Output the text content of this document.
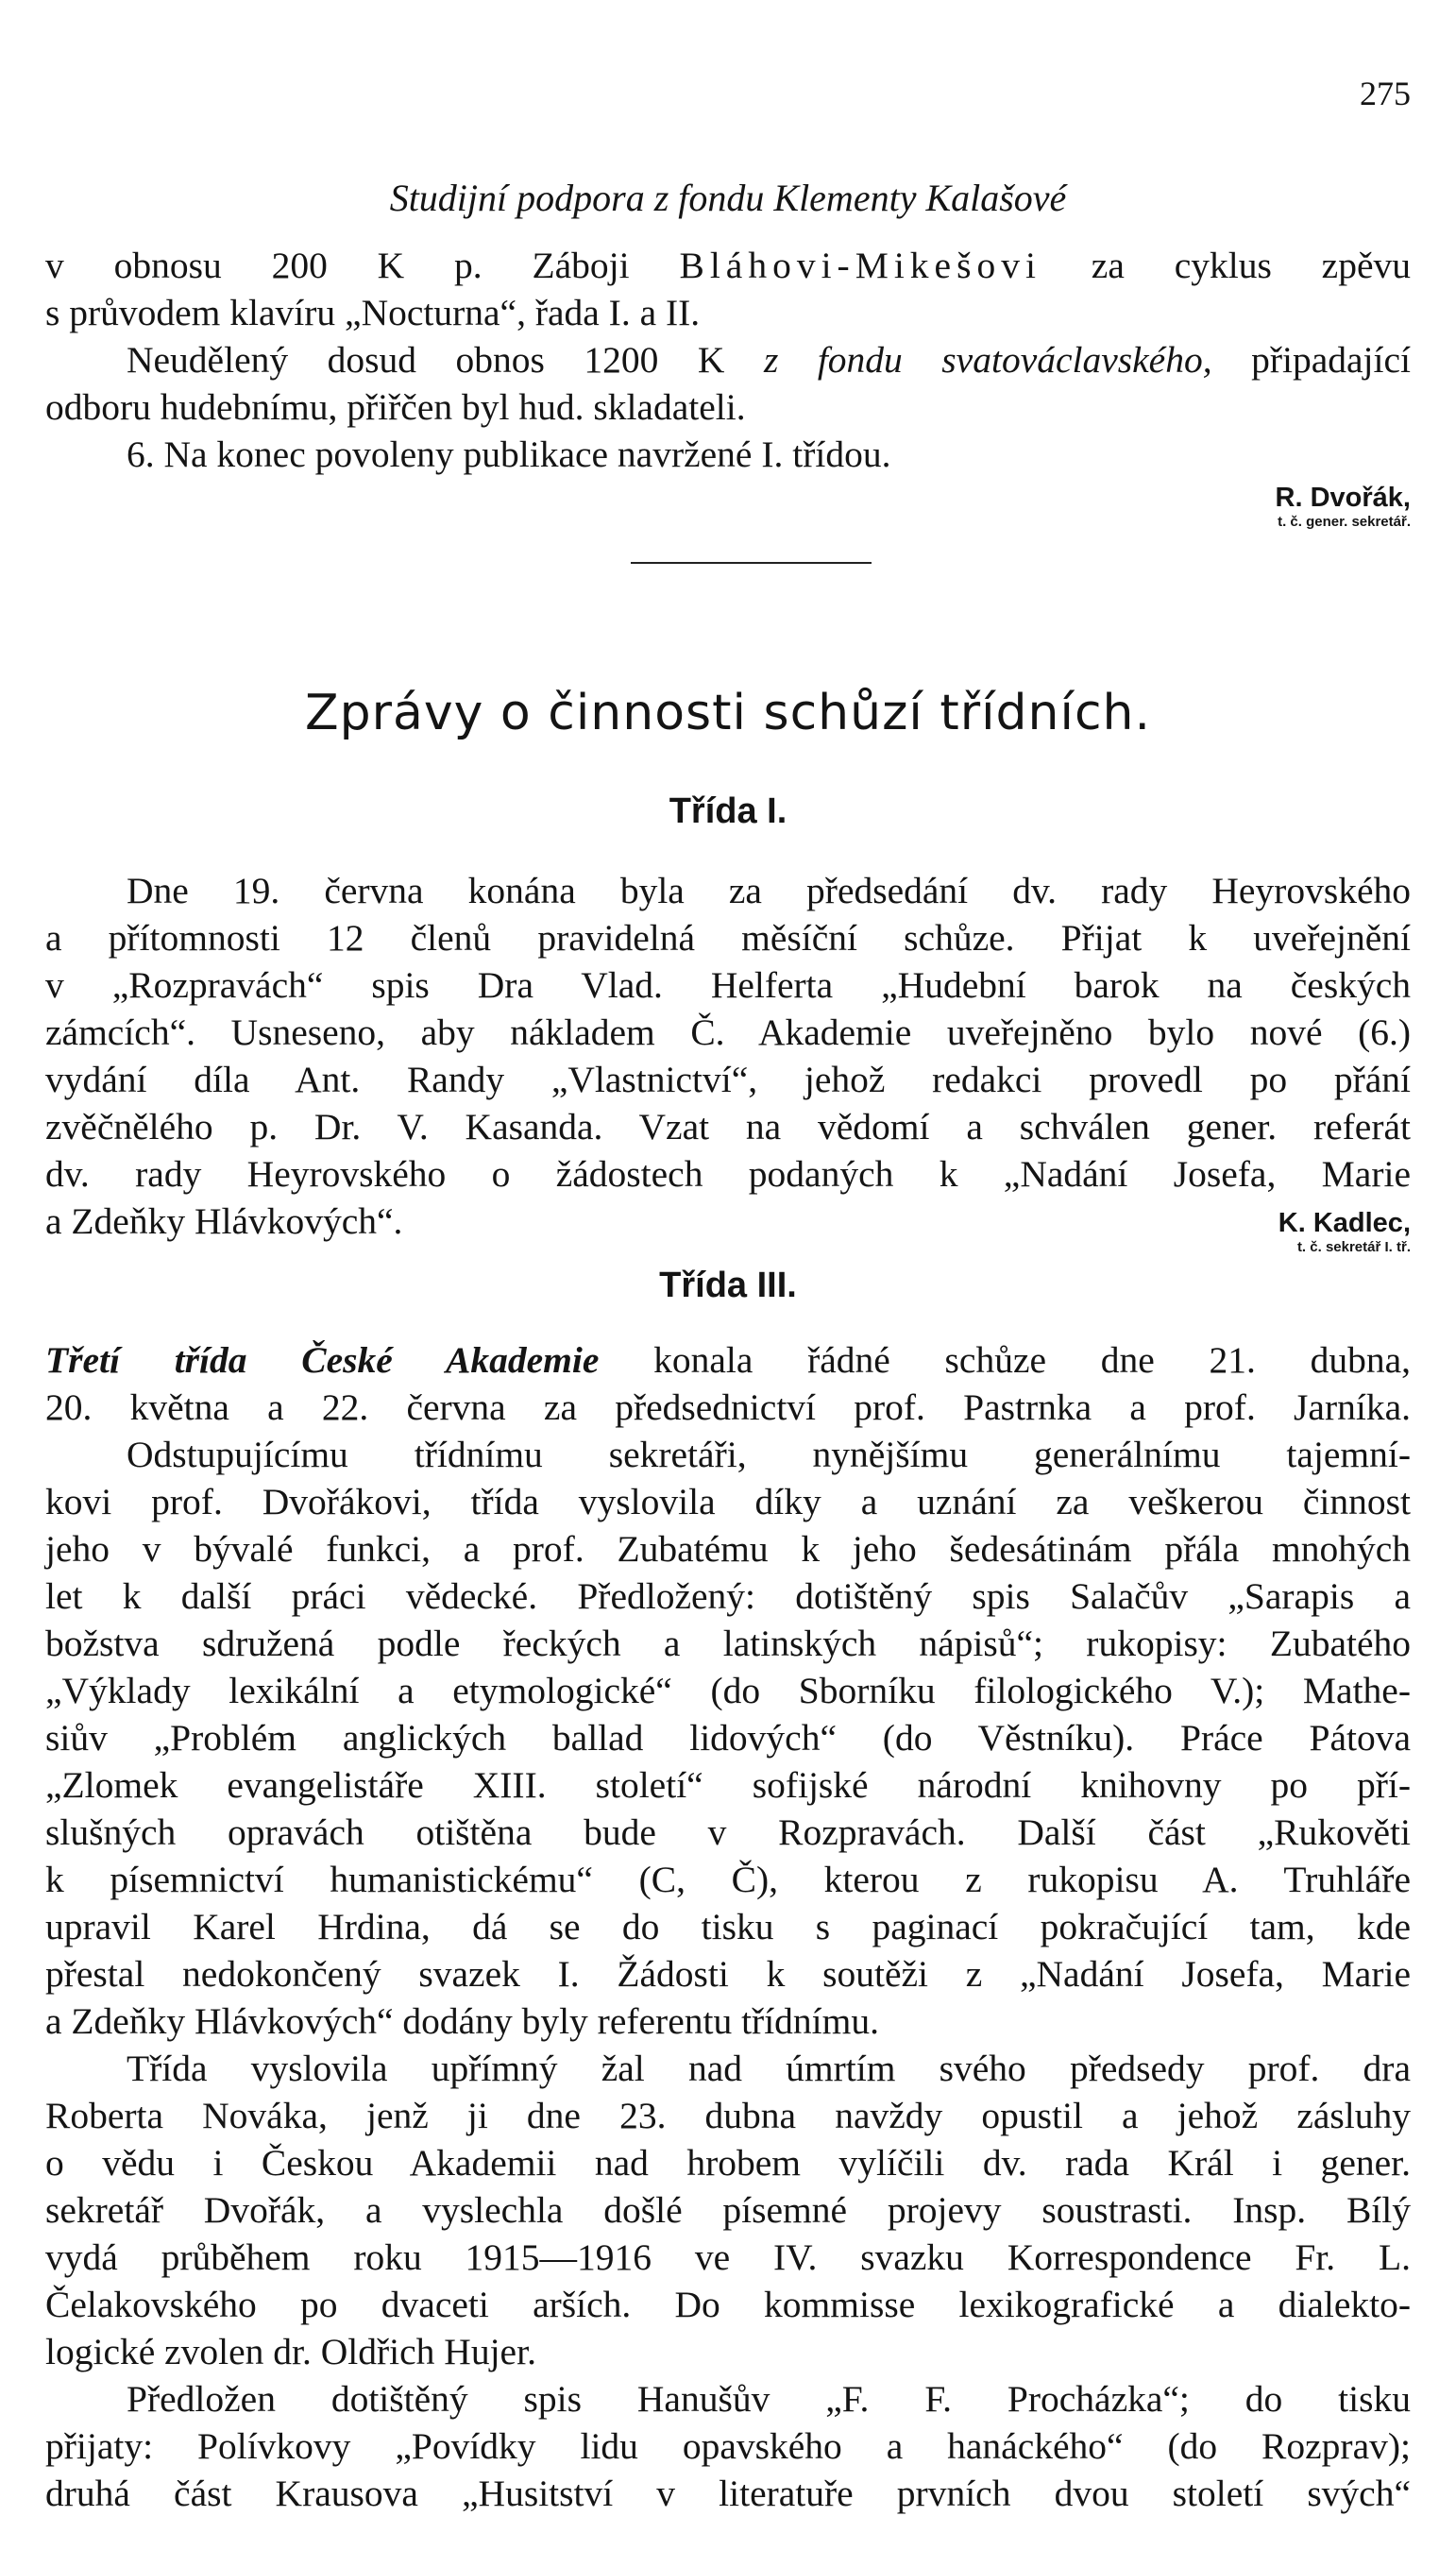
275
Studijní podpora z fondu Klementy Kalašové

v obnosu 200 K p. Záboji Bláhovi-Mikešovi za cyklus zpěvu

s průvodem klavíru „Nocturna“, řada I. a II.

Neudělený dosud obnos 1200 K z fondu svatováclavského, připadající

odboru hudebnímu, přiřčen byl hud. skladateli.

6. Na konec povoleny publikace navržené I. třídou.

R. Dvořák,
t. č. gener. sekretář.
Zprávy o činnosti schůzí třídních.
Třída I.

Dne 19. června konána byla za předsedání dv. rady Heyrovského

a přítomnosti 12 členů pravidelná měsíční schůze. Přijat k uveřejnění

v „Rozpravách“ spis Dra Vlad. Helferta „Hudební barok na českých

zámcích“. Usneseno, aby nákladem Č. Akademie uveřejněno bylo nové (6.)

vydání díla Ant. Randy „Vlastnictví“, jehož redakci provedl po přání

zvěčnělého p. Dr. V. Kasanda. Vzat na vědomí a schválen gener. referát

dv. rady Heyrovského o žádostech podaných k „Nadání Josefa, Marie

a Zdeňky Hlávkových“.	K. Kadlec,
t. č. sekretář I. tř.
Třída III.

Třetí třída České Akademie konala řádné schůze dne 21. dubna,

20. května a 22. června za předsednictví prof. Pastrnka a prof. Jarníka.

Odstupujícímu třídnímu sekretáři, nynějšímu generálnímu tajemní-

kovi prof. Dvořákovi, třída vyslovila díky a uznání za veškerou činnost

jeho v bývalé funkci, a prof. Zubatému k jeho šedesátinám přála mnohých

let k další práci vědecké. Předložený: dotištěný spis Salačův „Sarapis a

božstva sdružená podle řeckých a latinských nápisů“; rukopisy: Zubatého

„Výklady lexikální a etymologické“ (do Sborníku filologického V.); Mathe-

siův „Problém anglických ballad lidových“ (do Věstníku). Práce Pátova

„Zlomek evangelistáře XIII. století“ sofijské národní knihovny po pří-

slušných opravách otištěna bude v Rozpravách. Další část „Rukověti

k písemnictví humanistickému“ (C, Č), kterou z rukopisu A. Truhláře

upravil Karel Hrdina, dá se do tisku s paginací pokračující tam, kde

přestal nedokončený svazek I. Žádosti k soutěži z „Nadání Josefa, Marie

a Zdeňky Hlávkových“ dodány byly referentu třídnímu.

Třída vyslovila upřímný žal nad úmrtím svého předsedy prof. dra

Roberta Nováka, jenž ji dne 23. dubna navždy opustil a jehož zásluhy

o vědu i Českou Akademii nad hrobem vylíčili dv. rada Král i gener.

sekretář Dvořák, a vyslechla došlé písemné projevy soustrasti. Insp. Bílý

vydá průběhem roku 1915—1916 ve IV. svazku Korrespondence Fr. L.

Čelakovského po dvaceti arších. Do kommisse lexikografické a dialekto-

logické zvolen dr. Oldřich Hujer.

Předložen dotištěný spis Hanušův „F. F. Procházka“; do tisku

přijaty: Polívkovy „Povídky lidu opavského a hanáckého“ (do Rozprav);

druhá část Krausova „Husitství v literatuře prvních dvou století svých“
